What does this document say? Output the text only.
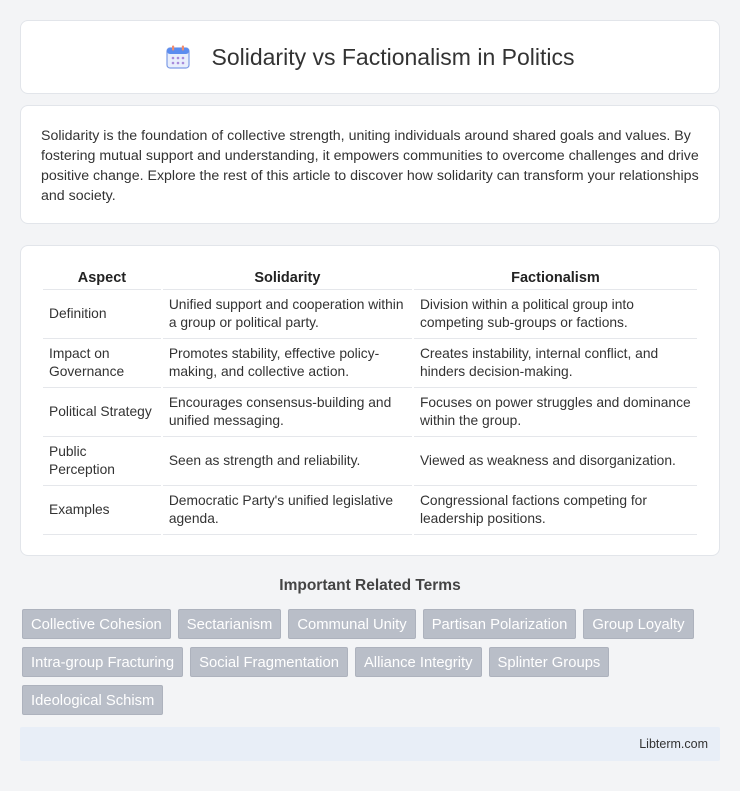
Solidarity vs Factionalism in Politics

Solidarity is the foundation of collective strength, uniting individuals around shared goals and values. By fostering mutual support and understanding, it empowers communities to overcome challenges and drive positive change. Explore the rest of this article to discover how solidarity can transform your relationships and society.

Aspect	Solidarity	Factionalism
Definition	Unified support and cooperation within a group or political party.	Division within a political group into competing sub-groups or factions.
Impact on Governance	Promotes stability, effective policy-making, and collective action.	Creates instability, internal conflict, and hinders decision-making.
Political Strategy	Encourages consensus-building and unified messaging.	Focuses on power struggles and dominance within the group.
Public Perception	Seen as strength and reliability.	Viewed as weakness and disorganization.
Examples	Democratic Party's unified legislative agenda.	Congressional factions competing for leadership positions.
Important Related Terms
Collective Cohesion	Sectarianism	Communal Unity	Partisan Polarization	Group Loyalty
Intra-group Fracturing	Social Fragmentation	Alliance Integrity	Splinter Groups
Ideological Schism
Libterm.com
